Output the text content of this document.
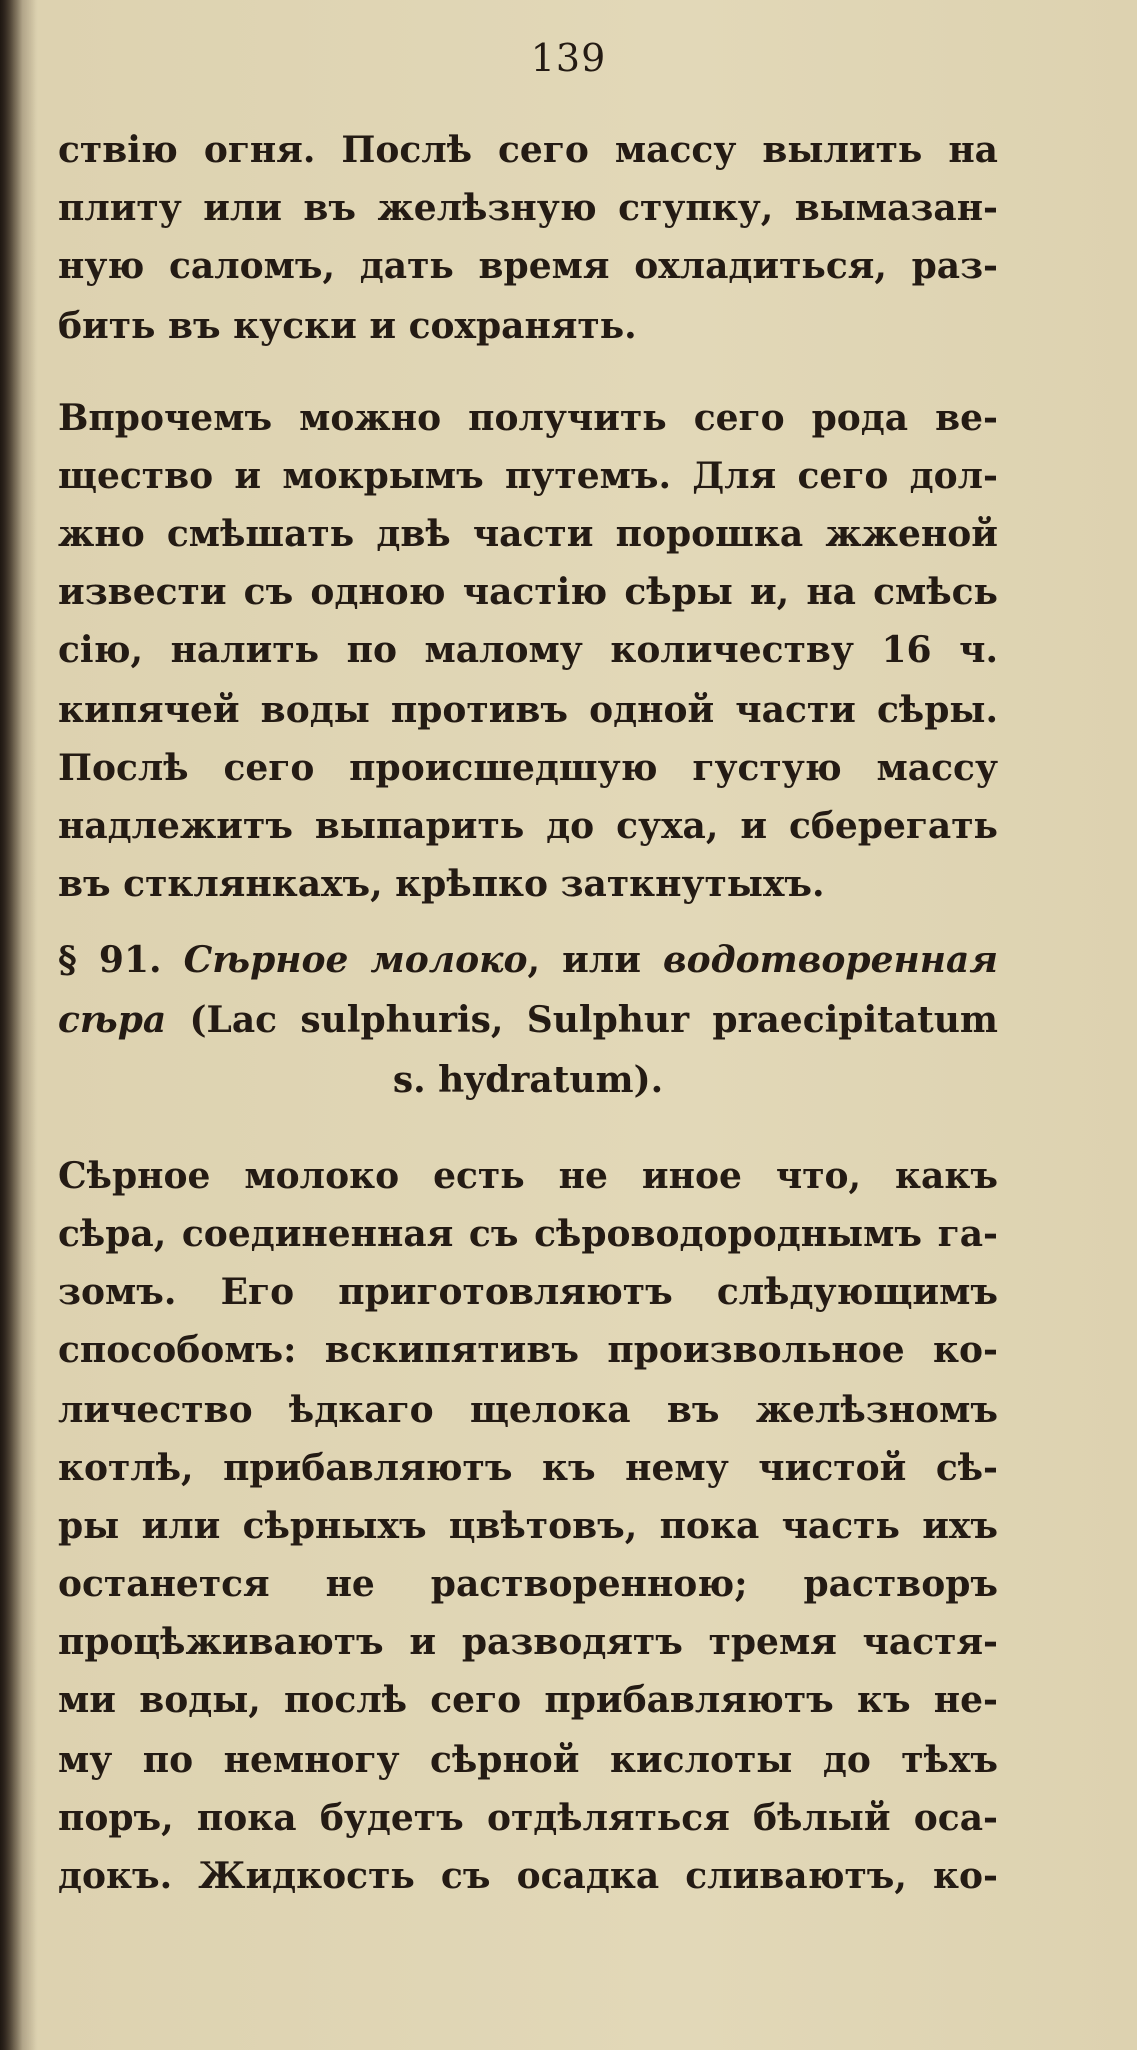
139
ствію огня. Послѣ сего массу вылить на
плиту или въ желѣзную ступку, вымазан-
ную саломъ, дать время охладиться, раз-
бить въ куски и сохранять.
Впрочемъ можно получить сего рода ве-
щество и мокрымъ путемъ. Для сего дол-
жно смѣшать двѣ части порошка жженой
извести съ одною частію сѣры и, на смѣсь
сію, налить по малому количеству 16 ч.
кипячей воды противъ одной части сѣры.
Послѣ сего происшедшую густую массу
надлежитъ выпарить до суха, и сберегать
въ стклянкахъ, крѣпко заткнутыхъ.
§ 91. Сѣрное молоко, или водотворенная
сѣра (Lac sulphuris, Sulphur praecipitatum
s. hydratum).
Сѣрное молоко есть не иное что, какъ
сѣра, соединенная съ сѣроводороднымъ га-
зомъ. Его приготовляютъ слѣдующимъ
способомъ: вскипятивъ произвольное ко-
личество ѣдкаго щелока въ желѣзномъ
котлѣ, прибавляютъ къ нему чистой сѣ-
ры или сѣрныхъ цвѣтовъ, пока часть ихъ
останется не растворенною; растворъ
процѣживаютъ и разводятъ тремя частя-
ми воды, послѣ сего прибавляютъ къ не-
му по немногу сѣрной кислоты до тѣхъ
поръ, пока будетъ отдѣляться бѣлый оса-
докъ. Жидкость съ осадка сливаютъ, ко-
